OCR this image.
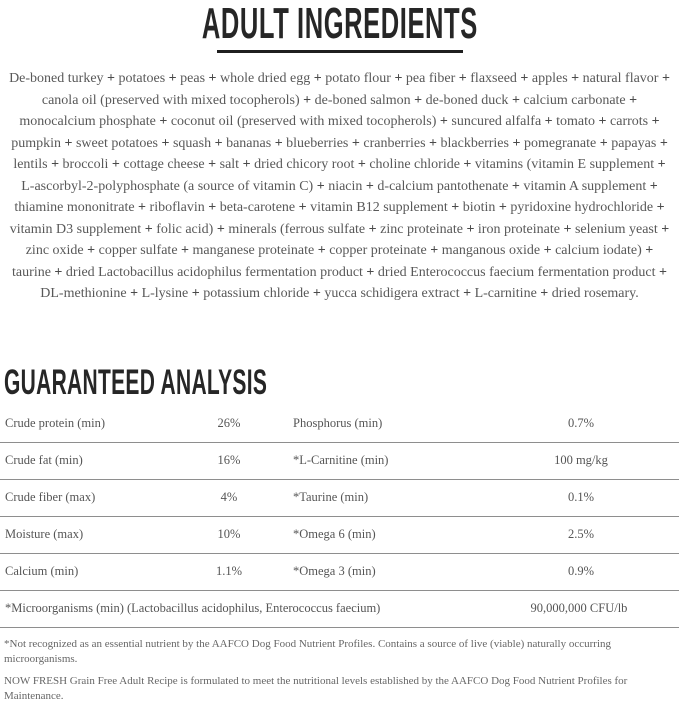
ADULT INGREDIENTS

De-boned turkey + potatoes + peas + whole dried egg + potato flour + pea fiber + flaxseed + apples + natural flavor + canola oil (preserved with mixed tocopherols) + de-boned salmon + de-boned duck + calcium carbonate + monocalcium phosphate + coconut oil (preserved with mixed tocopherols) + suncured alfalfa + tomato + carrots + pumpkin + sweet potatoes + squash + bananas + blueberries + cranberries + blackberries + pomegranate + papayas + lentils + broccoli + cottage cheese + salt + dried chicory root + choline chloride + vitamins (vitamin E supplement + L-ascorbyl-2-polyphosphate (a source of vitamin C) + niacin + d-calcium pantothenate + vitamin A supplement + thiamine mononitrate + riboflavin + beta-carotene + vitamin B12 supplement + biotin + pyridoxine hydrochloride + vitamin D3 supplement + folic acid) + minerals (ferrous sulfate + zinc proteinate + iron proteinate + selenium yeast + zinc oxide + copper sulfate + manganese proteinate + copper proteinate + manganous oxide + calcium iodate) + taurine + dried Lactobacillus acidophilus fermentation product + dried Enterococcus faecium fermentation product + DL-methionine + L-lysine + potassium chloride + yucca schidigera extract + L-carnitine + dried rosemary.

GUARANTEED ANALYSIS
Crude protein (min)	26%	Phosphorus (min)	0.7%
Crude fat (min)	16%	*L-Carnitine (min)	100 mg/kg
Crude fiber (max)	4%	*Taurine (min)	0.1%
Moisture (max)	10%	*Omega 6 (min)	2.5%
Calcium (min)	1.1%	*Omega 3 (min)	0.9%
*Microorganisms (min) (Lactobacillus acidophilus, Enterococcus faecium)	90,000,000 CFU/lb

*Not recognized as an essential nutrient by the AAFCO Dog Food Nutrient Profiles. Contains a source of live (viable) naturally occurring microorganisms.

NOW FRESH Grain Free Adult Recipe is formulated to meet the nutritional levels established by the AAFCO Dog Food Nutrient Profiles for Maintenance.
